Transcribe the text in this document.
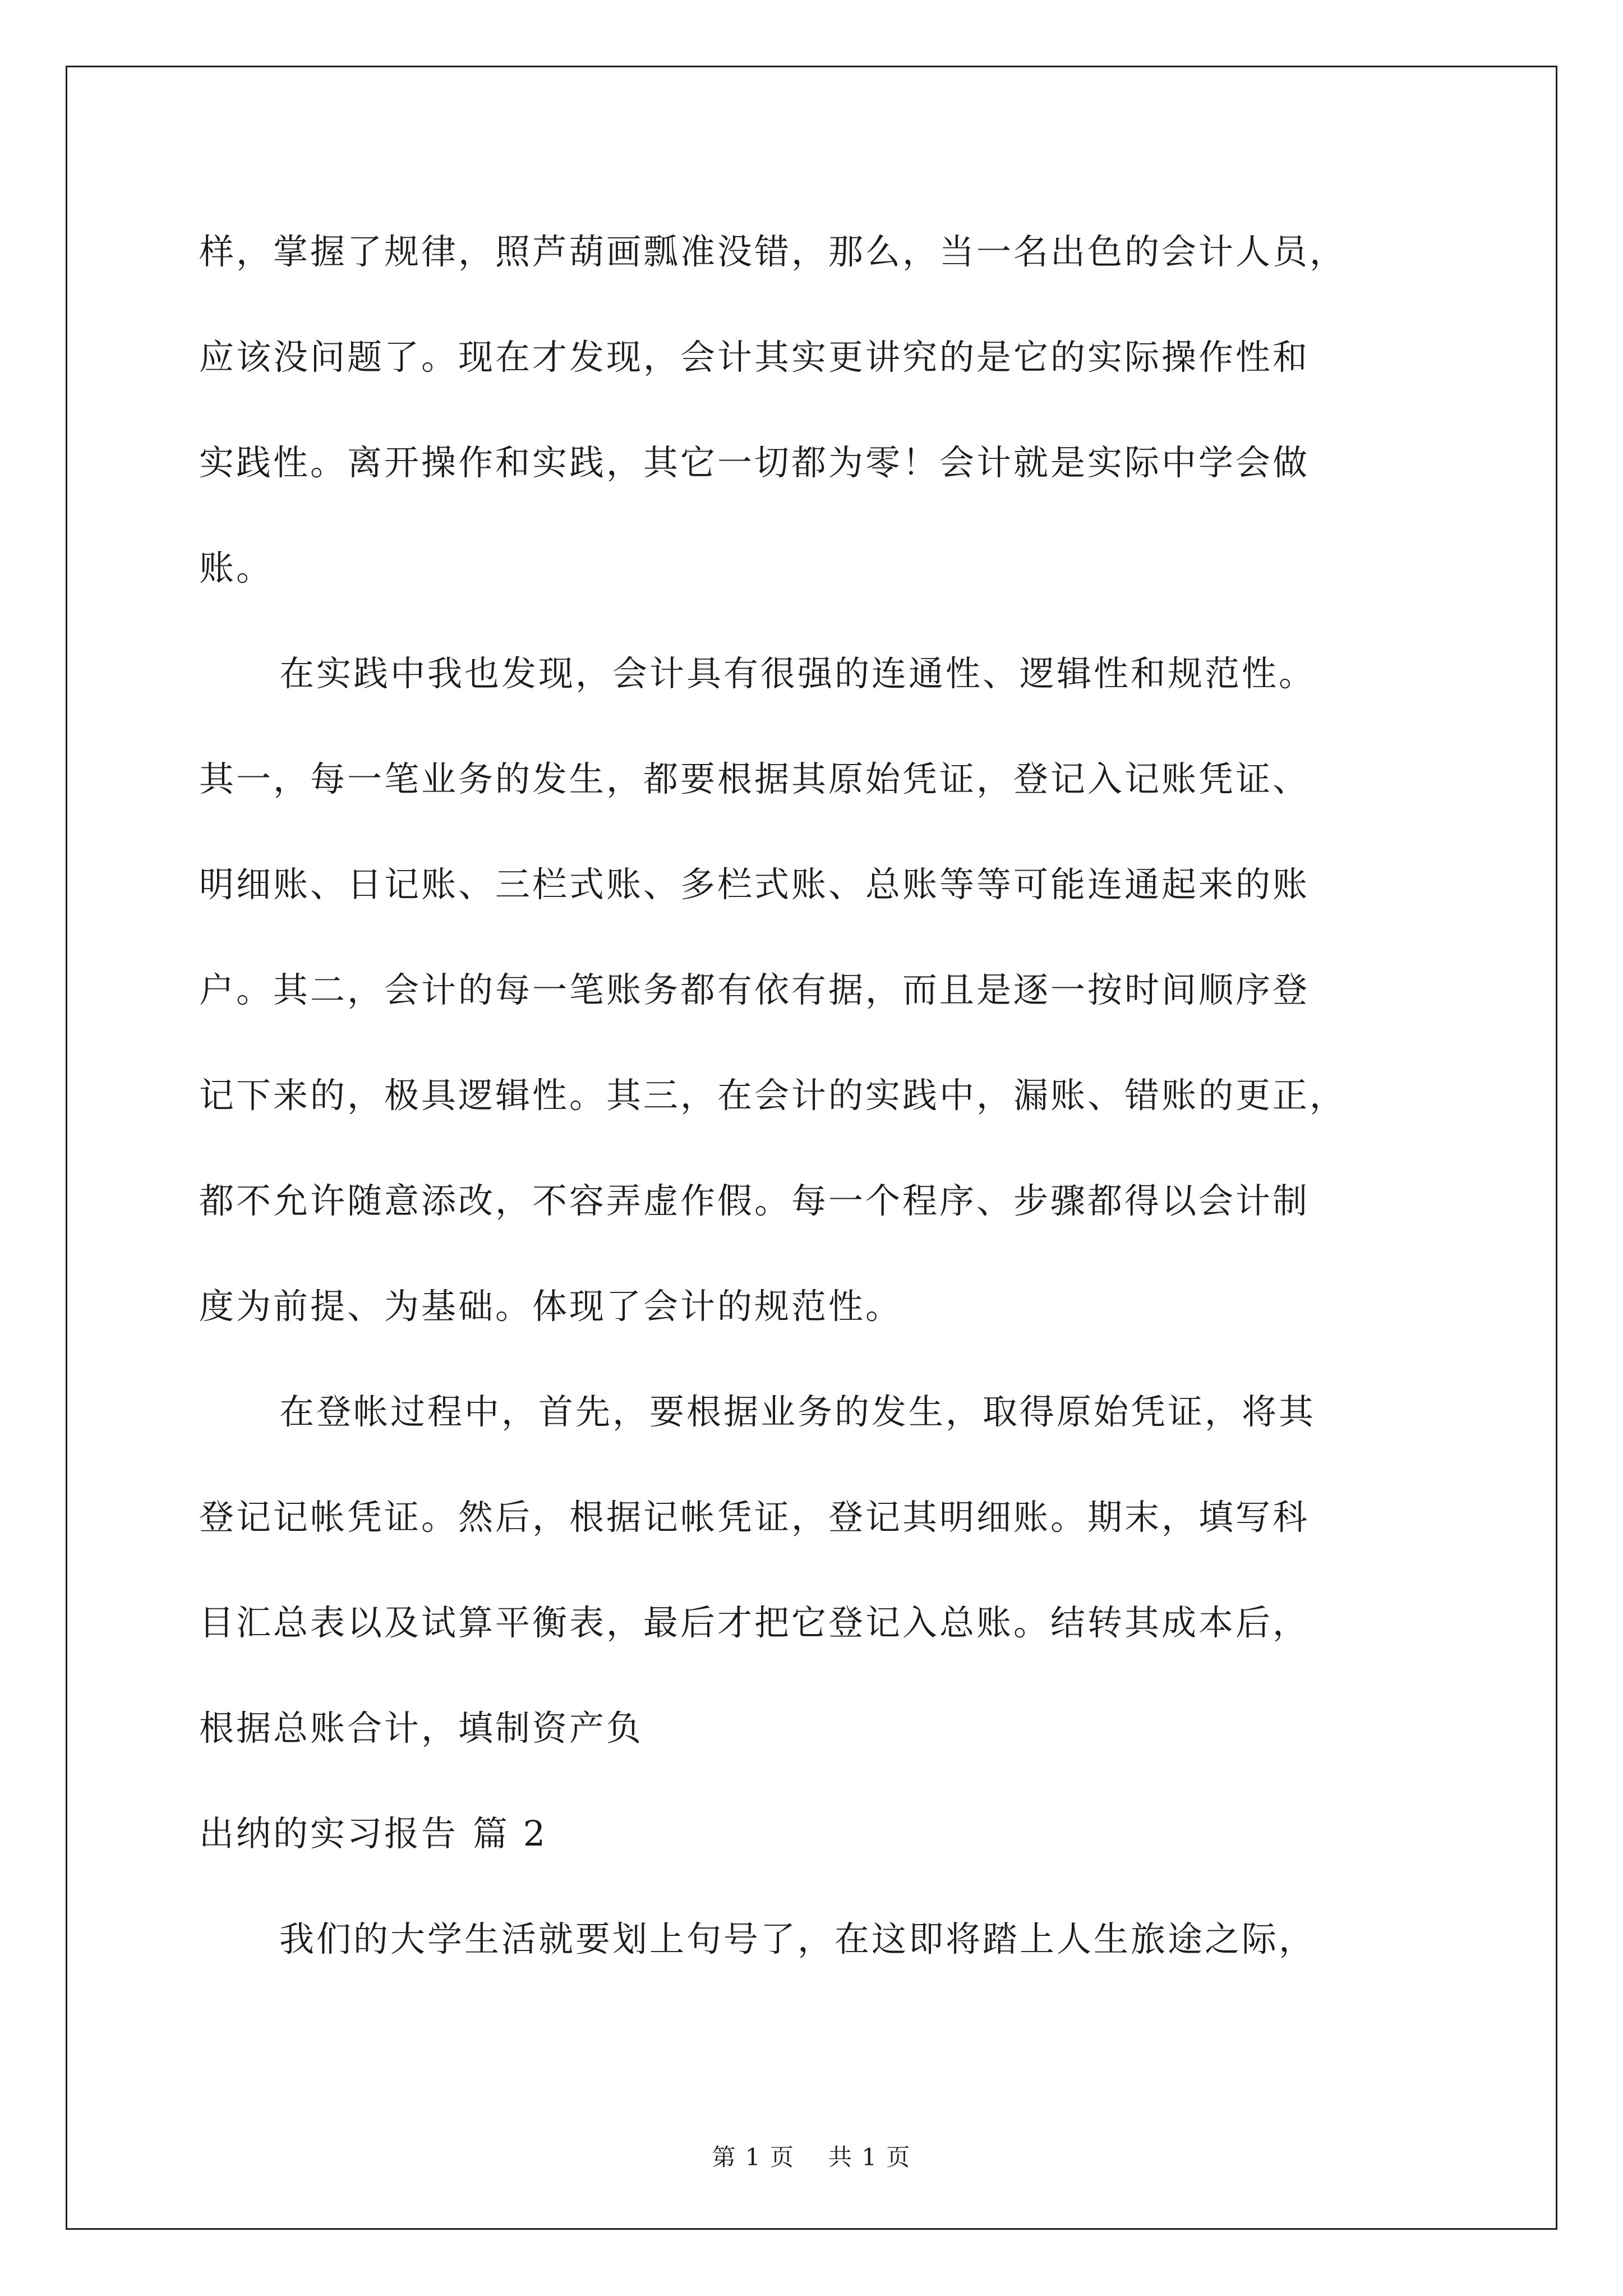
样，掌握了规律，照芦葫画瓢准没错，那么，当一名出色的会计人员，

应该没问题了。现在才发现，会计其实更讲究的是它的实际操作性和

实践性。离开操作和实践，其它一切都为零！会计就是实际中学会做

账。

在实践中我也发现，会计具有很强的连通性、逻辑性和规范性。

其一，每一笔业务的发生，都要根据其原始凭证，登记入记账凭证、

明细账、日记账、三栏式账、多栏式账、总账等等可能连通起来的账

户。其二，会计的每一笔账务都有依有据，而且是逐一按时间顺序登

记下来的，极具逻辑性。其三，在会计的实践中，漏账、错账的更正，

都不允许随意添改，不容弄虚作假。每一个程序、步骤都得以会计制

度为前提、为基础。体现了会计的规范性。

在登帐过程中，首先，要根据业务的发生，取得原始凭证，将其

登记记帐凭证。然后，根据记帐凭证，登记其明细账。期末，填写科

目汇总表以及试算平衡表，最后才把它登记入总账。结转其成本后，

根据总账合计，填制资产负

出纳的实习报告 篇 2

我们的大学生活就要划上句号了，在这即将踏上人生旅途之际，

第 1 页 共 1 页
